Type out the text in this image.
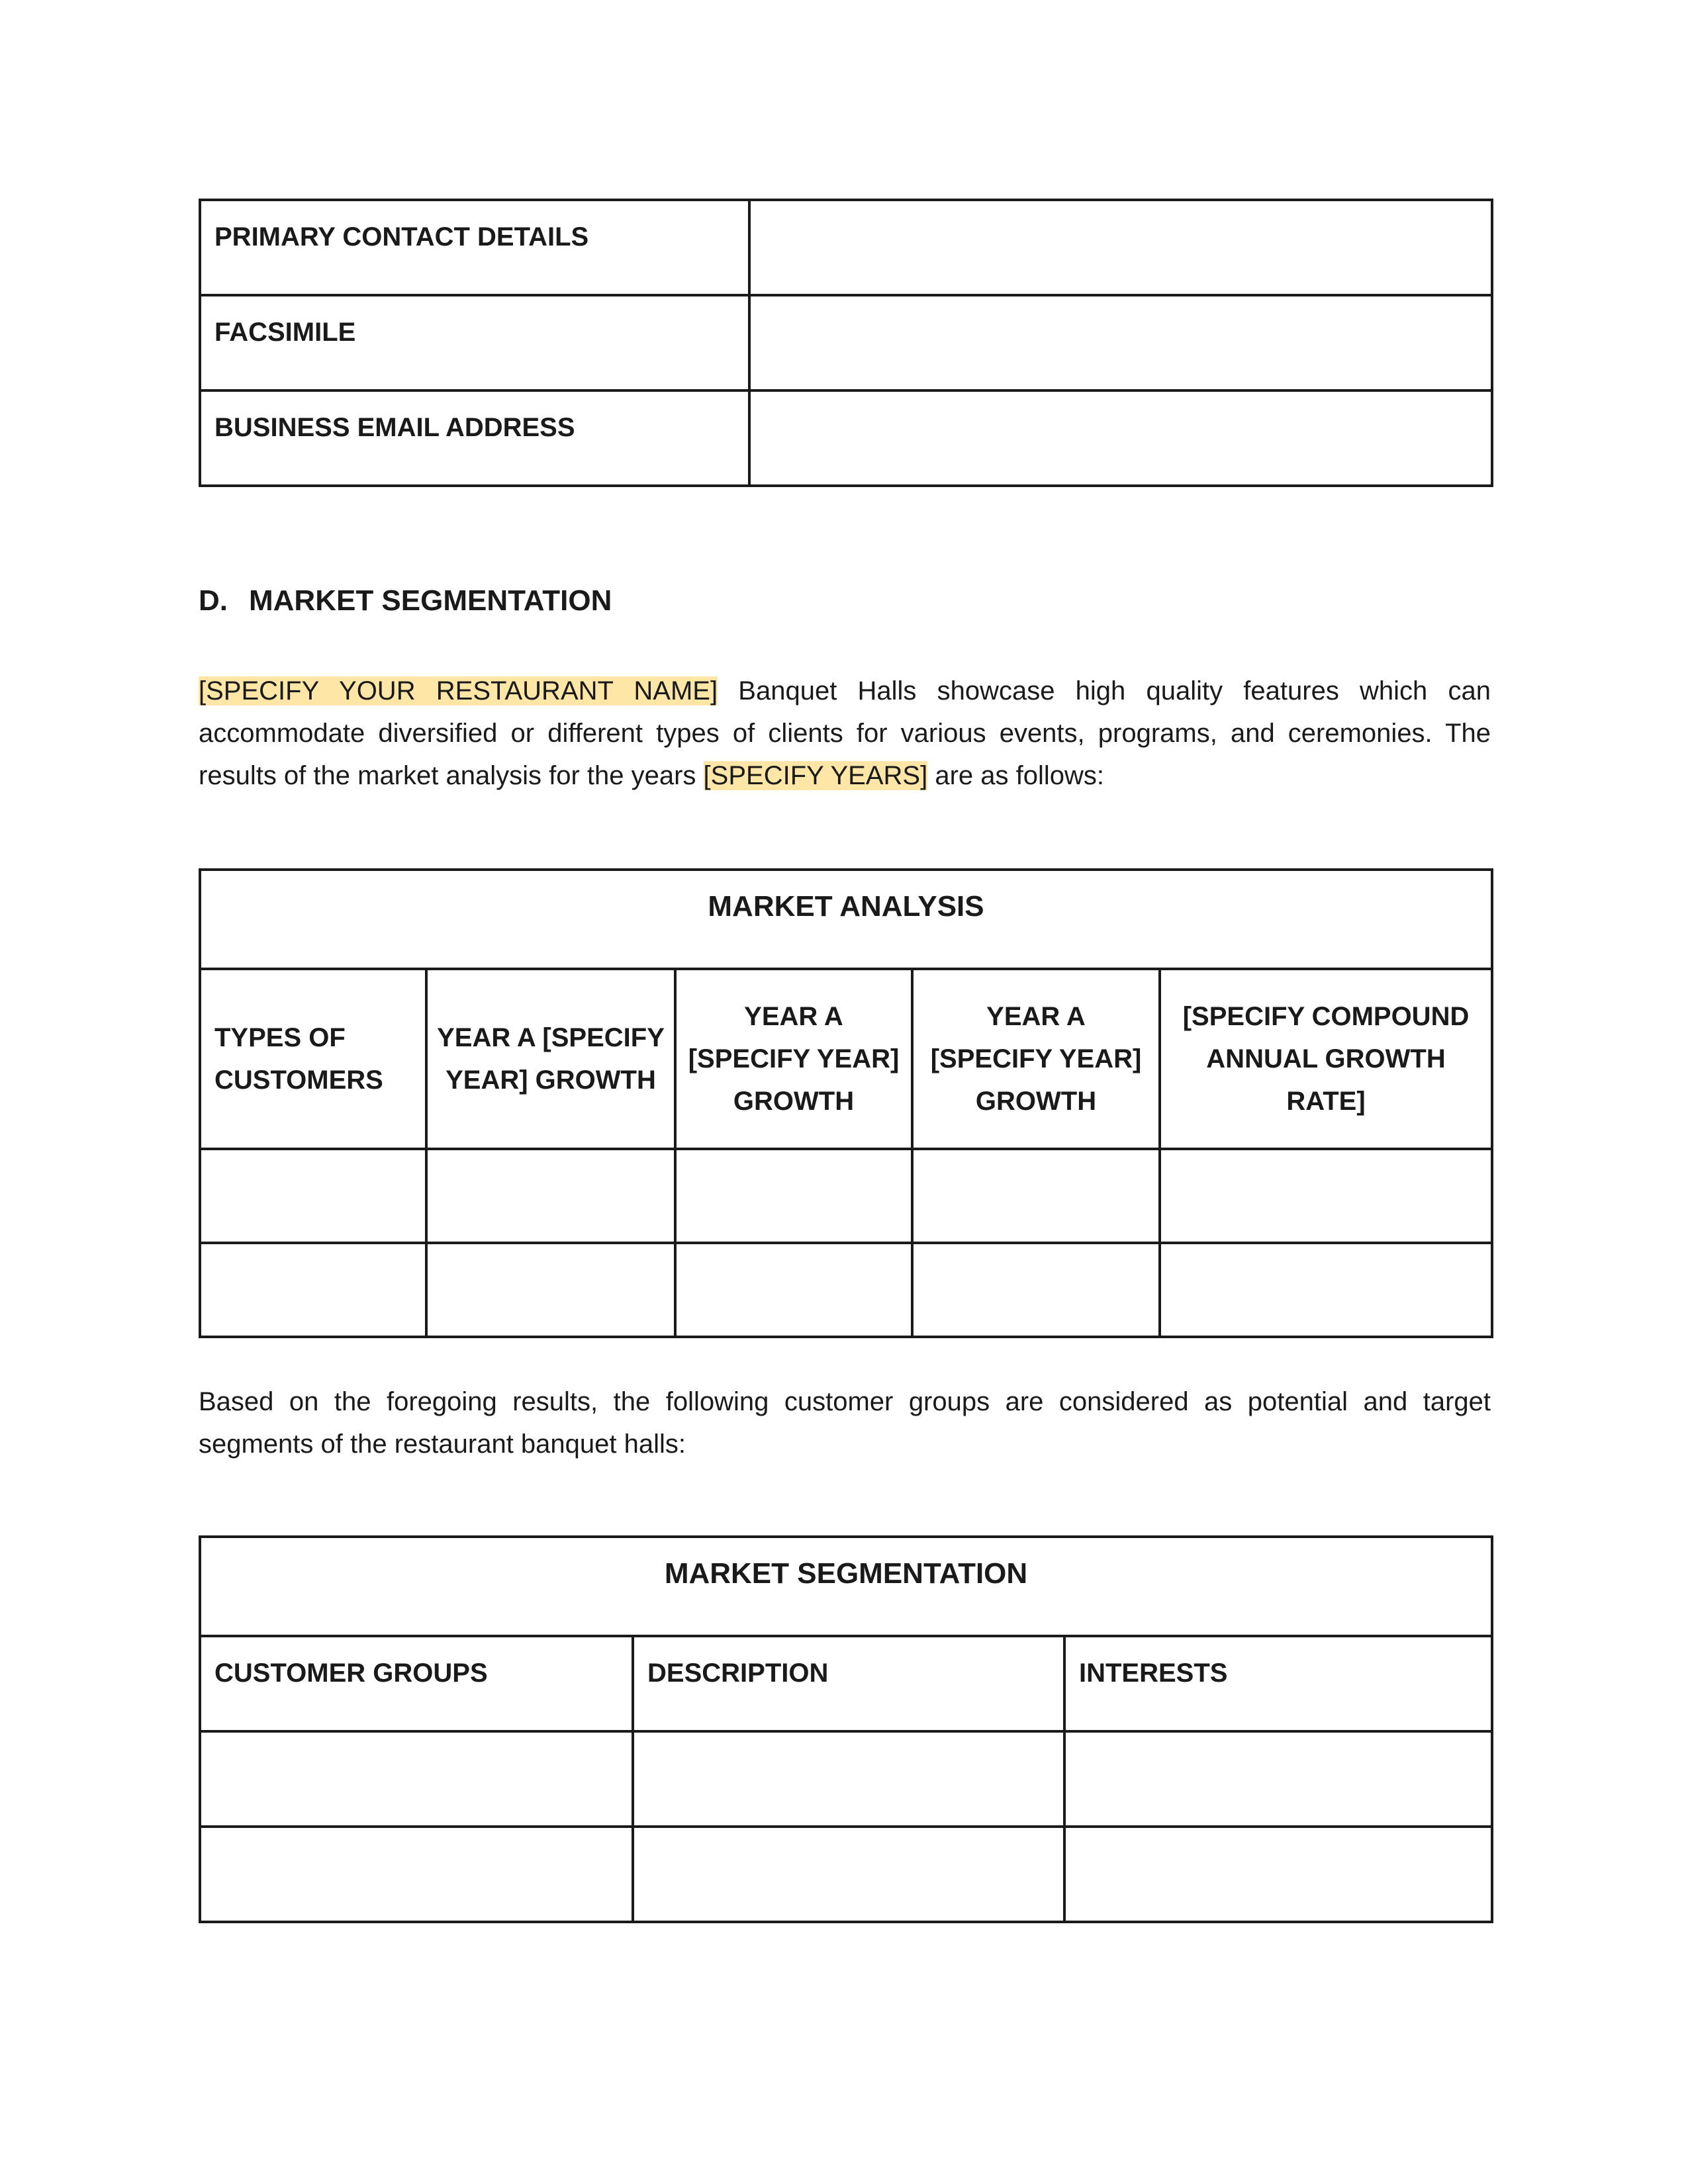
PRIMARY CONTACT DETAILS	
FACSIMILE	
BUSINESS EMAIL ADDRESS	
D. MARKET SEGMENTATION

[SPECIFY YOUR RESTAURANT NAME] Banquet Halls showcase high quality features which can accommodate diversified or different types of clients for various events, programs, and ceremonies. The results of the market analysis for the years [SPECIFY YEARS] are as follows:

MARKET ANALYSIS				
TYPES OF CUSTOMERS	YEAR A [SPECIFY YEAR] GROWTH	YEAR A [SPECIFY YEAR] GROWTH	YEAR A [SPECIFY YEAR] GROWTH	[SPECIFY COMPOUND ANNUAL GROWTH RATE]

Based on the foregoing results, the following customer groups are considered as potential and target segments of the restaurant banquet halls:

MARKET SEGMENTATION		
CUSTOMER GROUPS	DESCRIPTION	INTERESTS
